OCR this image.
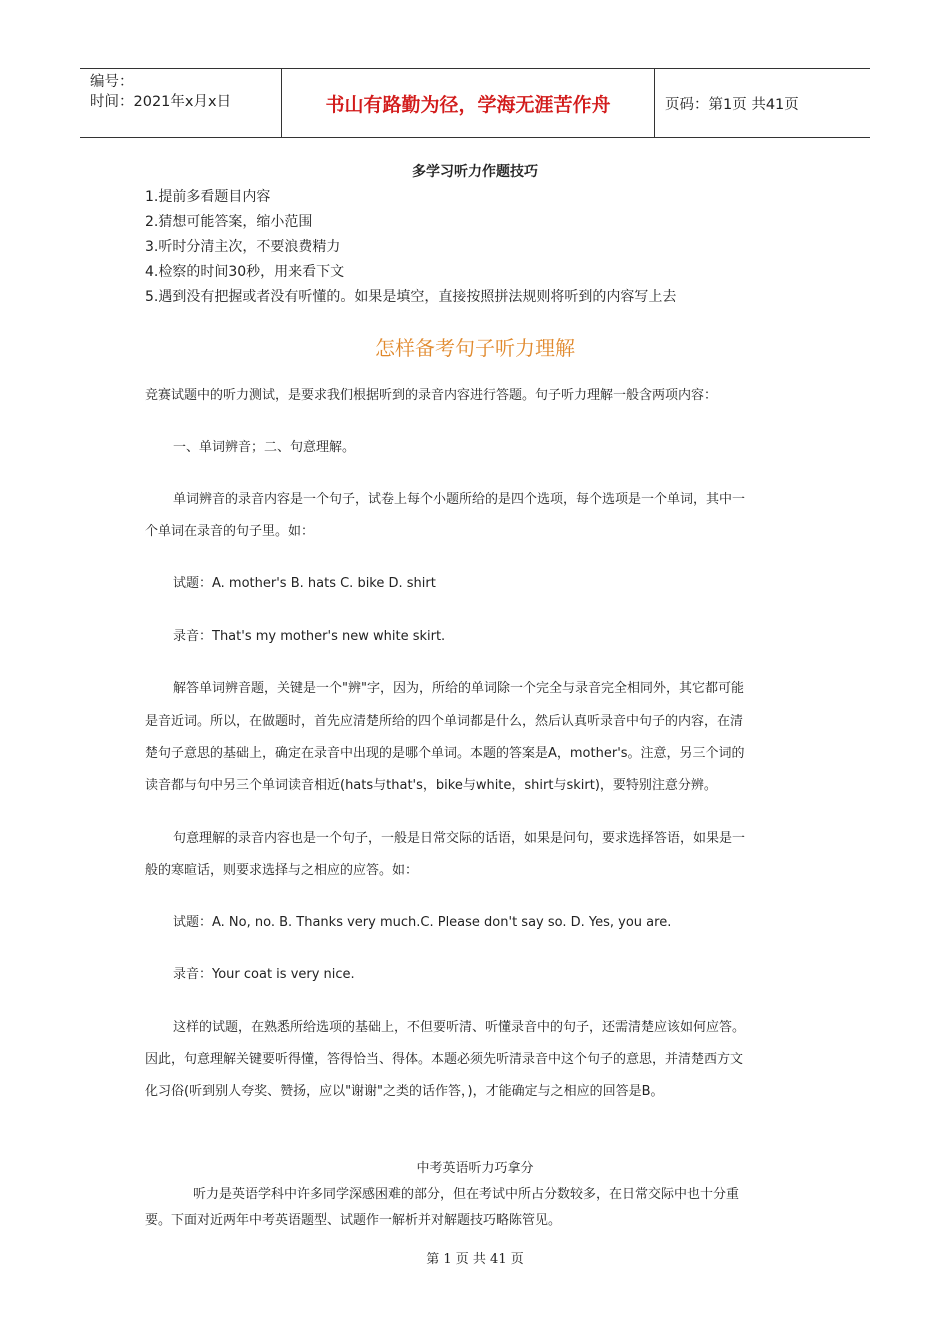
编号：
时间：2021年x月x日	书山有路勤为径，学海无涯苦作舟	页码：第1页 共41页
多学习听力作题技巧
1.提前多看题目内容
2.猜想可能答案，缩小范围
3.听时分清主次，不要浪费精力
4.检察的时间30秒，用来看下文
5.遇到没有把握或者没有听懂的。如果是填空，直接按照拼法规则将听到的内容写上去
怎样备考句子听力理解
竞赛试题中的听力测试，是要求我们根据听到的录音内容进行答题。句子听力理解一般含两项内容：
一、单词辨音；二、句意理解。
单词辨音的录音内容是一个句子，试卷上每个小题所给的是四个选项，每个选项是一个单词，其中一
个单词在录音的句子里。如：
试题：A. mother's B. hats C. bike D. shirt
录音：That's my mother's new white skirt.
解答单词辨音题，关键是一个"辨"字，因为，所给的单词除一个完全与录音完全相同外，其它都可能
是音近词。所以，在做题时，首先应清楚所给的四个单词都是什么，然后认真听录音中句子的内容，在清
楚句子意思的基础上，确定在录音中出现的是哪个单词。本题的答案是A，mother's。注意，另三个词的
读音都与句中另三个单词读音相近(hats与that's，bike与white，shirt与skirt)，要特别注意分辨。
句意理解的录音内容也是一个句子，一般是日常交际的话语，如果是问句，要求选择答语，如果是一
般的寒暄话，则要求选择与之相应的应答。如：
试题：A. No, no. B. Thanks very much.C. Please don't say so. D. Yes, you are.
录音：Your coat is very nice.
这样的试题，在熟悉所给选项的基础上，不但要听清、听懂录音中的句子，还需清楚应该如何应答。
因此，句意理解关键要听得懂，答得恰当、得体。本题必须先听清录音中这个句子的意思，并清楚西方文
化习俗(听到别人夸奖、赞扬，应以"谢谢"之类的话作答，)，才能确定与之相应的回答是B。
中考英语听力巧拿分
听力是英语学科中许多同学深感困难的部分，但在考试中所占分数较多，在日常交际中也十分重
要。下面对近两年中考英语题型、试题作一解析并对解题技巧略陈管见。
第 1 页 共 41 页
